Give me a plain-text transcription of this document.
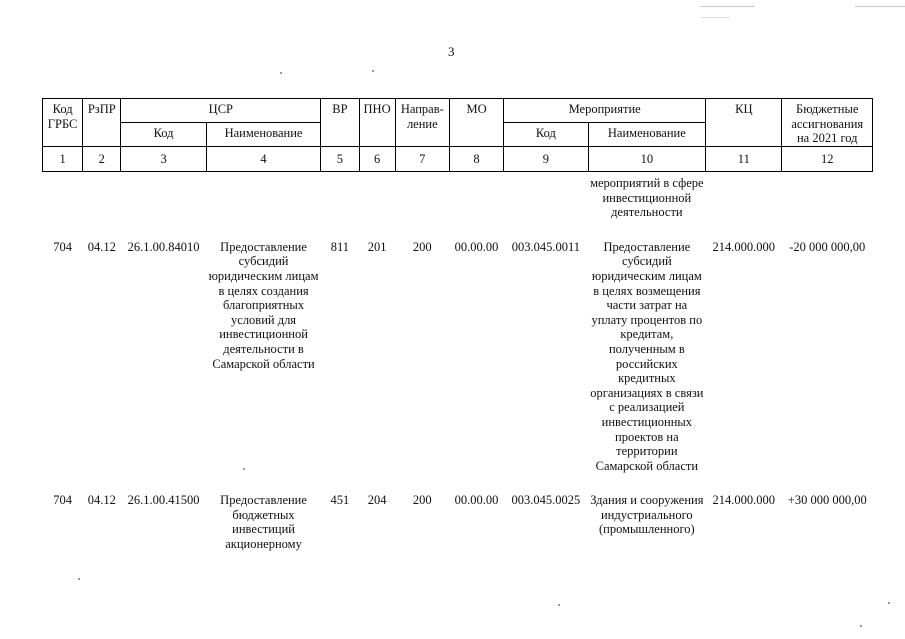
3
Код ГРБС	РзПР	ЦСР		ВР	ПНО	Направ-ление	МО	Мероприятие		КЦ	Бюджетные ассигнования на 2021 год
		Код	Наименование					Код	Наименование		
1	2	3	4	5	6	7	8	9	10	11	12
									мероприятий в сфере инвестиционной деятельности		

704	04.12	26.1.00.84010	Предоставление субсидий юридическим лицам в целях создания благоприятных условий для инвестиционной деятельности в Самарской области	811	201	200	00.00.00	003.045.0011	Предоставление субсидий юридическим лицам в целях возмещения части затрат на уплату процентов по кредитам, полученным в российских кредитных организациях в связи с реализацией инвестиционных проектов на территории Самарской области	214.000.000	-20 000 000,00

704	04.12	26.1.00.41500	Предоставление бюджетных инвестиций акционерному	451	204	200	00.00.00	003.045.0025	Здания и сооружения индустриального (промышленного)	214.000.000	+30 000 000,00
